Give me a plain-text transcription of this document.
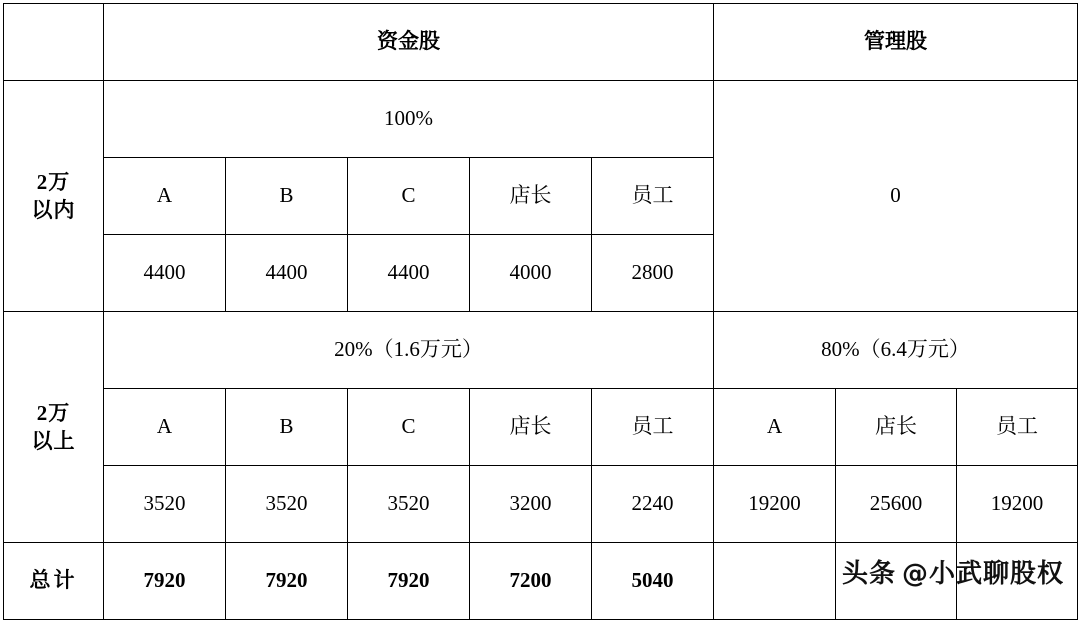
	资金股					管理股		

2万
以内	100%					0		
	A	B	C	店长	员工			
	4400	4400	4400	4000	2800			

2万
以上	20%（1.6万元）					80%（6.4万元）		
	A	B	C	店长	员工	A	店长	员工
	3520	3520	3520	3200	2240	19200	25600	19200
总计	7920	7920	7920	7200	5040				头条 @小武聊股权
